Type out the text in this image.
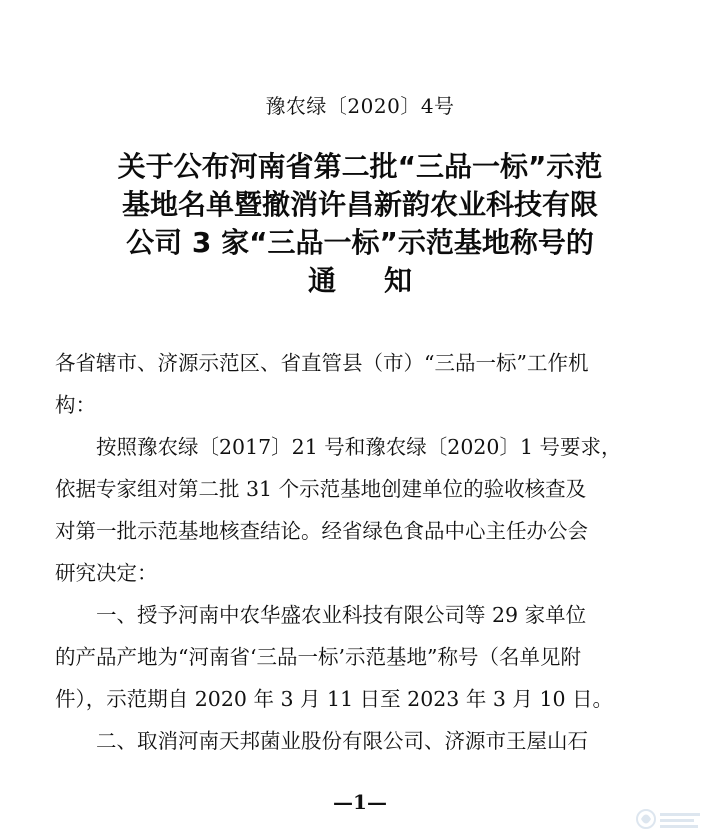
豫农绿〔2020〕4号
关于公布河南省第二批“三品一标”示范
基地名单暨撤消许昌新韵农业科技有限
公司 3 家“三品一标”示范基地称号的
通知

各省辖市、济源示范区、省直管县（市）“三品一标”工作机
构：

按照豫农绿〔2017〕21 号和豫农绿〔2020〕1 号要求，
依据专家组对第二批 31 个示范基地创建单位的验收核查及
对第一批示范基地核查结论。经省绿色食品中心主任办公会
研究决定：

一、授予河南中农华盛农业科技有限公司等 29 家单位
的产品产地为“河南省‘三品一标’示范基地”称号（名单见附
件），示范期自 2020 年 3 月 11 日至 2023 年 3 月 10 日。

二、取消河南天邦菌业股份有限公司、济源市王屋山石

—1—
